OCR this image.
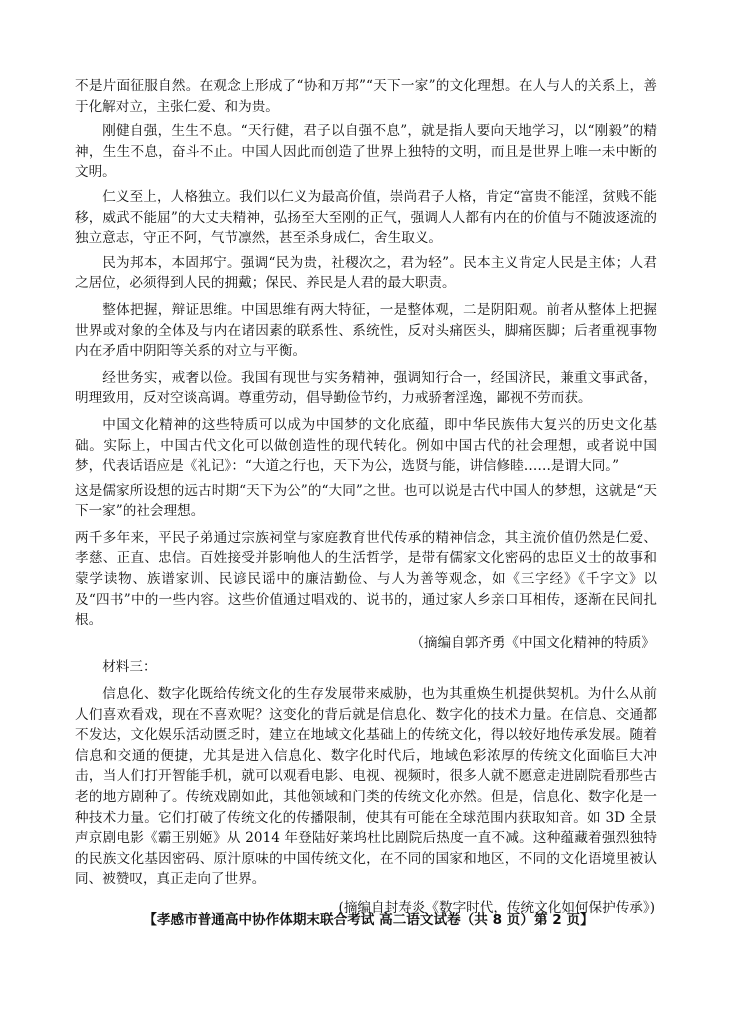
不是片面征服自然。在观念上形成了“协和万邦”“天下一家”的文化理想。在人与人的关系上，善于化解对立，主张仁爱、和为贵。

刚健自强，生生不息。“天行健，君子以自强不息”，就是指人要向天地学习，以“刚毅”的精神，生生不息，奋斗不止。中国人因此而创造了世界上独特的文明，而且是世界上唯一未中断的文明。

仁义至上，人格独立。我们以仁义为最高价值，崇尚君子人格，肯定“富贵不能淫，贫贱不能移，威武不能屈”的大丈夫精神，弘扬至大至刚的正气，强调人人都有内在的价值与不随波逐流的独立意志，守正不阿，气节凛然，甚至杀身成仁，舍生取义。

民为邦本，本固邦宁。强调“民为贵，社稷次之，君为轻”。民本主义肯定人民是主体；人君之居位，必须得到人民的拥戴；保民、养民是人君的最大职责。

整体把握，辩证思维。中国思维有两大特征，一是整体观，二是阴阳观。前者从整体上把握世界或对象的全体及与内在诸因素的联系性、系统性，反对头痛医头，脚痛医脚；后者重视事物内在矛盾中阴阳等关系的对立与平衡。

经世务实，戒奢以俭。我国有现世与实务精神，强调知行合一，经国济民，兼重文事武备，明理致用，反对空谈高调。尊重劳动，倡导勤俭节约，力戒骄奢淫逸，鄙视不劳而获。

中国文化精神的这些特质可以成为中国梦的文化底蕴，即中华民族伟大复兴的历史文化基础。实际上，中国古代文化可以做创造性的现代转化。例如中国古代的社会理想，或者说中国梦，代表话语应是《礼记》：“大道之行也，天下为公，选贤与能，讲信修睦……是谓大同。”

这是儒家所设想的远古时期“天下为公”的“大同”之世。也可以说是古代中国人的梦想，这就是“天下一家”的社会理想。

两千多年来，平民子弟通过宗族祠堂与家庭教育世代传承的精神信念，其主流价值仍然是仁爱、孝慈、正直、忠信。百姓接受并影响他人的生活哲学，是带有儒家文化密码的忠臣义士的故事和蒙学读物、族谱家训、民谚民谣中的廉洁勤俭、与人为善等观念，如《三字经》《千字文》以及“四书”中的一些内容。这些价值通过唱戏的、说书的，通过家人乡亲口耳相传，逐渐在民间扎根。

（摘编自郭齐勇《中国文化精神的特质》

材料三：

信息化、数字化既给传统文化的生存发展带来威胁，也为其重焕生机提供契机。为什么从前人们喜欢看戏，现在不喜欢呢？这变化的背后就是信息化、数字化的技术力量。在信息、交通都不发达，文化娱乐活动匮乏时，建立在地域文化基础上的传统文化，得以较好地传承发展。随着信息和交通的便捷，尤其是进入信息化、数字化时代后，地域色彩浓厚的传统文化面临巨大冲击，当人们打开智能手机，就可以观看电影、电视、视频时，很多人就不愿意走进剧院看那些古老的地方剧种了。传统戏剧如此，其他领域和门类的传统文化亦然。但是，信息化、数字化是一种技术力量。它们打破了传统文化的传播限制，使其有可能在全球范围内获取知音。如 3D 全景声京剧电影《霸王别姬》从 2014 年登陆好莱坞杜比剧院后热度一直不减。这种蕴藏着强烈独特的民族文化基因密码、原汁原味的中国传统文化，在不同的国家和地区，不同的文化语境里被认同、被赞叹，真正走向了世界。

(摘编自封寿炎《数字时代，传统文化如何保护传承》)

【孝感市普通高中协作体期末联合考试 高二语文试卷（共 8 页）第 2 页】
